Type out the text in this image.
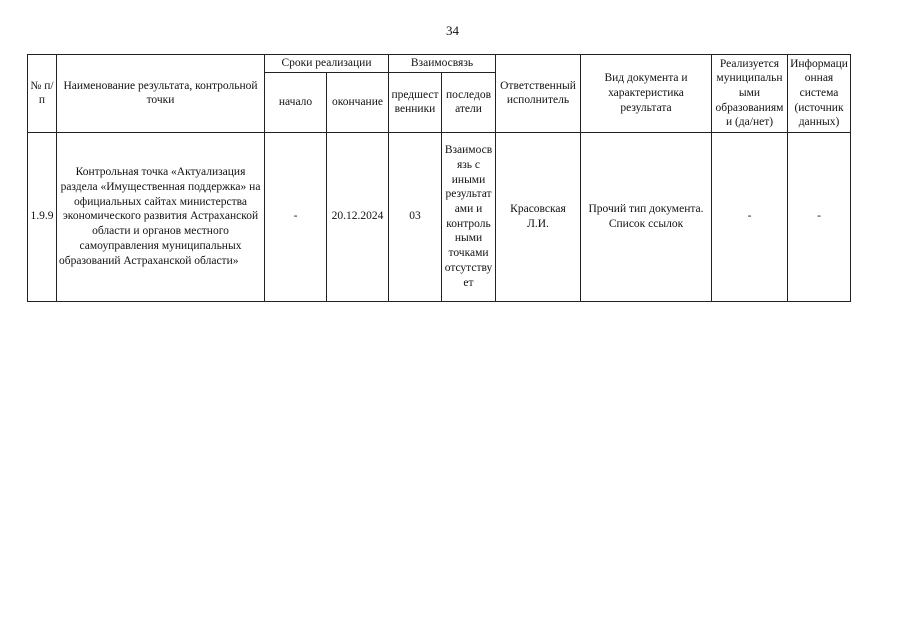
34
№ п/п	Наименование результата, контрольной точки	Сроки реализации		Взаимосвязь		Ответственный исполнитель	Вид документа и характеристика результата	Реализуется муниципальными образованиями (да/нет)	Информационная система (источник данных)
		начало	окончание	предшественники	последователи				
1.9.9	Контрольная точка «Актуализация раздела «Имущественная поддержка» на официальных сайтах министерства экономического развития Астраханской области и органов местного самоуправления муниципальных образований Астраханской области»	-	20.12.2024	03	Взаимосвязь с иными результатами и контрольными точками отсутствует	Красовская Л.И.	Прочий тип документа. Список ссылок	-	-
